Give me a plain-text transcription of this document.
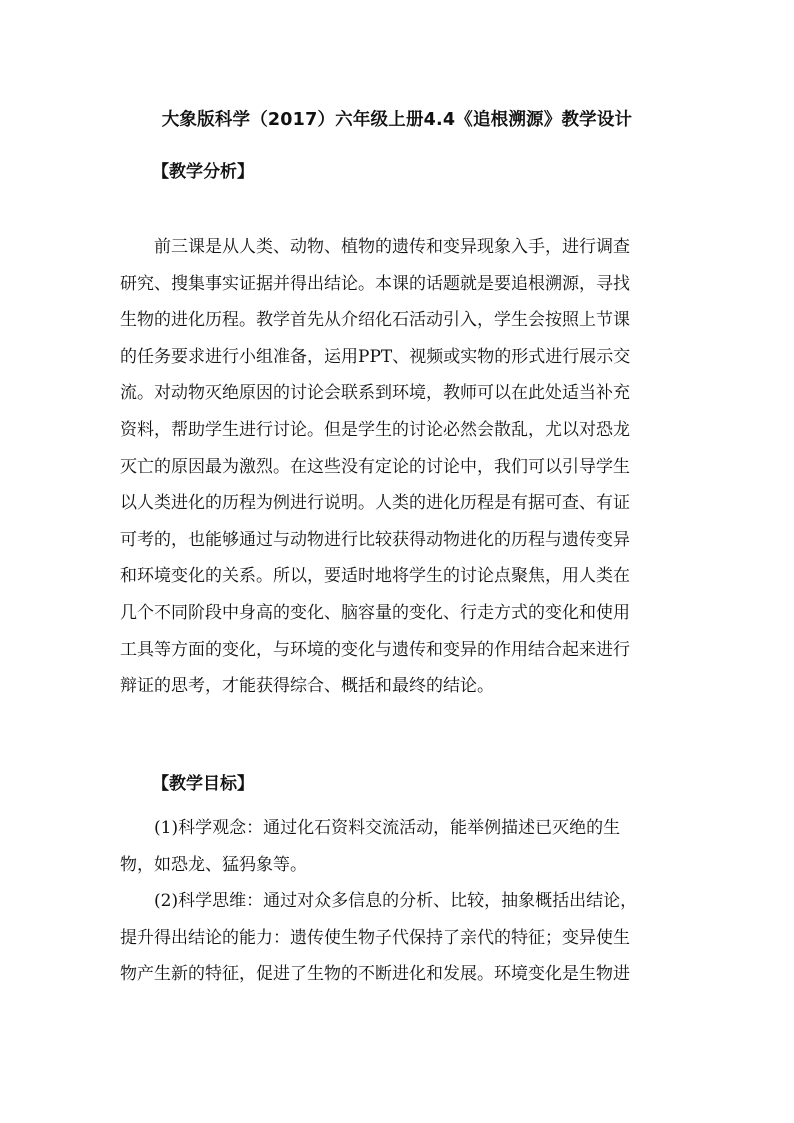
大象版科学（2017）六年级上册4.4《追根溯源》教学设计
【教学分析】
前三课是从人类、动物、植物的遗传和变异现象入手，进行调查
研究、搜集事实证据并得出结论。本课的话题就是要追根溯源，寻找
生物的进化历程。教学首先从介绍化石活动引入，学生会按照上节课
的任务要求进行小组准备，运用PPT、视频或实物的形式进行展示交
流。对动物灭绝原因的讨论会联系到环境，教师可以在此处适当补充
资料，帮助学生进行讨论。但是学生的讨论必然会散乱，尤以对恐龙
灭亡的原因最为激烈。在这些没有定论的讨论中，我们可以引导学生
以人类进化的历程为例进行说明。人类的进化历程是有据可查、有证
可考的，也能够通过与动物进行比较获得动物进化的历程与遗传变异
和环境变化的关系。所以，要适时地将学生的讨论点聚焦，用人类在
几个不同阶段中身高的变化、脑容量的变化、行走方式的变化和使用
工具等方面的变化，与环境的变化与遗传和变异的作用结合起来进行
辩证的思考，才能获得综合、概括和最终的结论。
【教学目标】
(1)科学观念：通过化石资料交流活动，能举例描述已灭绝的生
物，如恐龙、猛犸象等。
(2)科学思维：通过对众多信息的分析、比较，抽象概括出结论，
提升得出结论的能力：遗传使生物子代保持了亲代的特征；变异使生
物产生新的特征，促进了生物的不断进化和发展。环境变化是生物进
